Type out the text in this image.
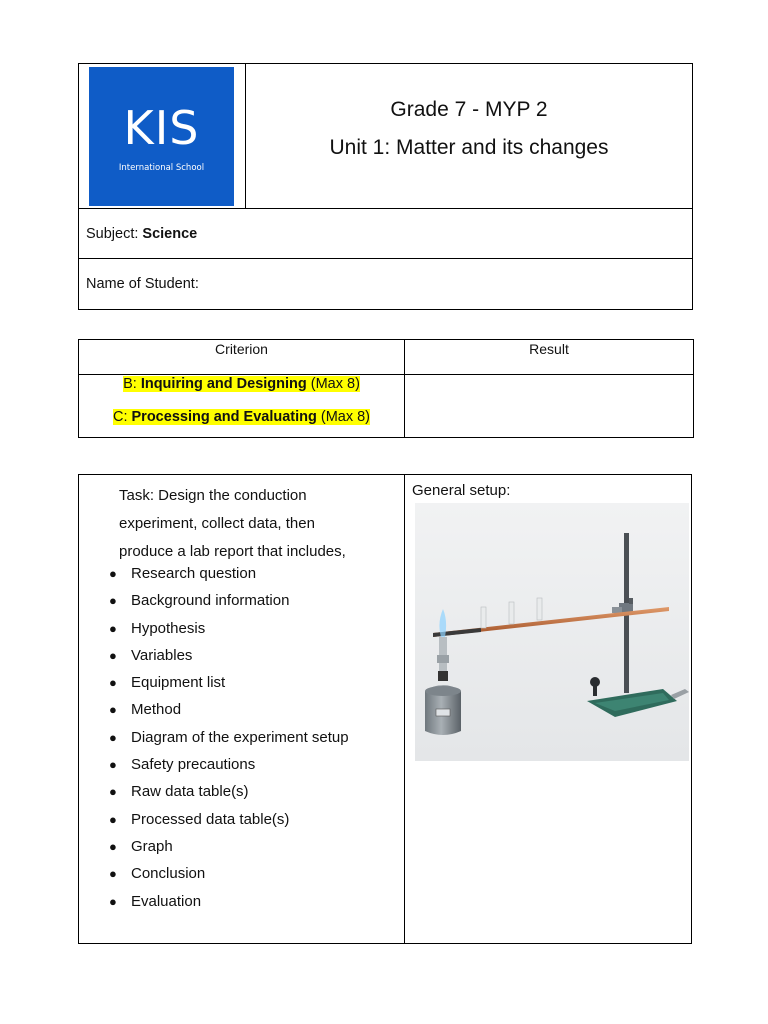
KIS
International School
Grade 7 - MYP 2
Unit 1: Matter and its changes
Subject: Science
Name of Student:
Criterion	Result
B: Inquiring and Designing (Max 8)
C: Processing and Evaluating (Max 8)
Task: Design the conduction
experiment, collect data, then
produce a lab report that includes,
● Research question
● Background information
● Hypothesis
● Variables
● Equipment list
● Method
● Diagram of the experiment setup
● Safety precautions
● Raw data table(s)
● Processed data table(s)
● Graph
● Conclusion
● Evaluation
General setup:
